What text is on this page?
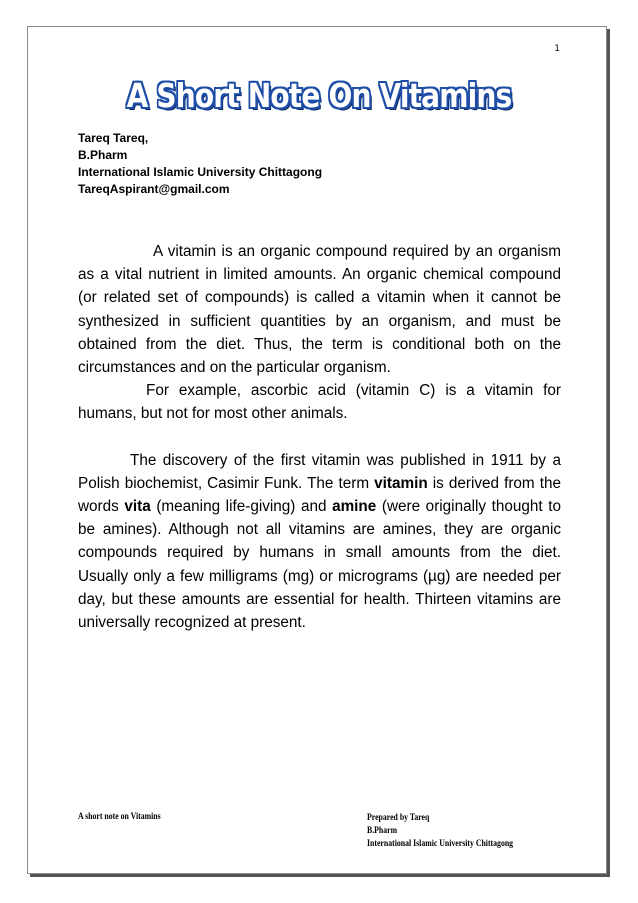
1
A Short Note On Vitamins
Tareq Tareq,
B.Pharm
International Islamic University Chittagong
TareqAspirant@gmail.com

A vitamin is an organic compound required by an organism as a vital nutrient in limited amounts. An organic chemical compound (or related set of compounds) is called a vitamin when it cannot be synthesized in sufficient quantities by an organism, and must be obtained from the diet. Thus, the term is conditional both on the circumstances and on the particular organism.

For example, ascorbic acid (vitamin C) is a vitamin for humans, but not for most other animals.

The discovery of the first vitamin was published in 1911 by a Polish biochemist, Casimir Funk. The term vitamin is derived from the words vita (meaning life-giving) and amine (were originally thought to be amines). Although not all vitamins are amines, they are organic compounds required by humans in small amounts from the diet. Usually only a few milligrams (mg) or micrograms (µg) are needed per day, but these amounts are essential for health. Thirteen vitamins are universally recognized at present.

A short note on Vitamins	Prepared by Tareq
B.Pharm
International Islamic University Chittagong
